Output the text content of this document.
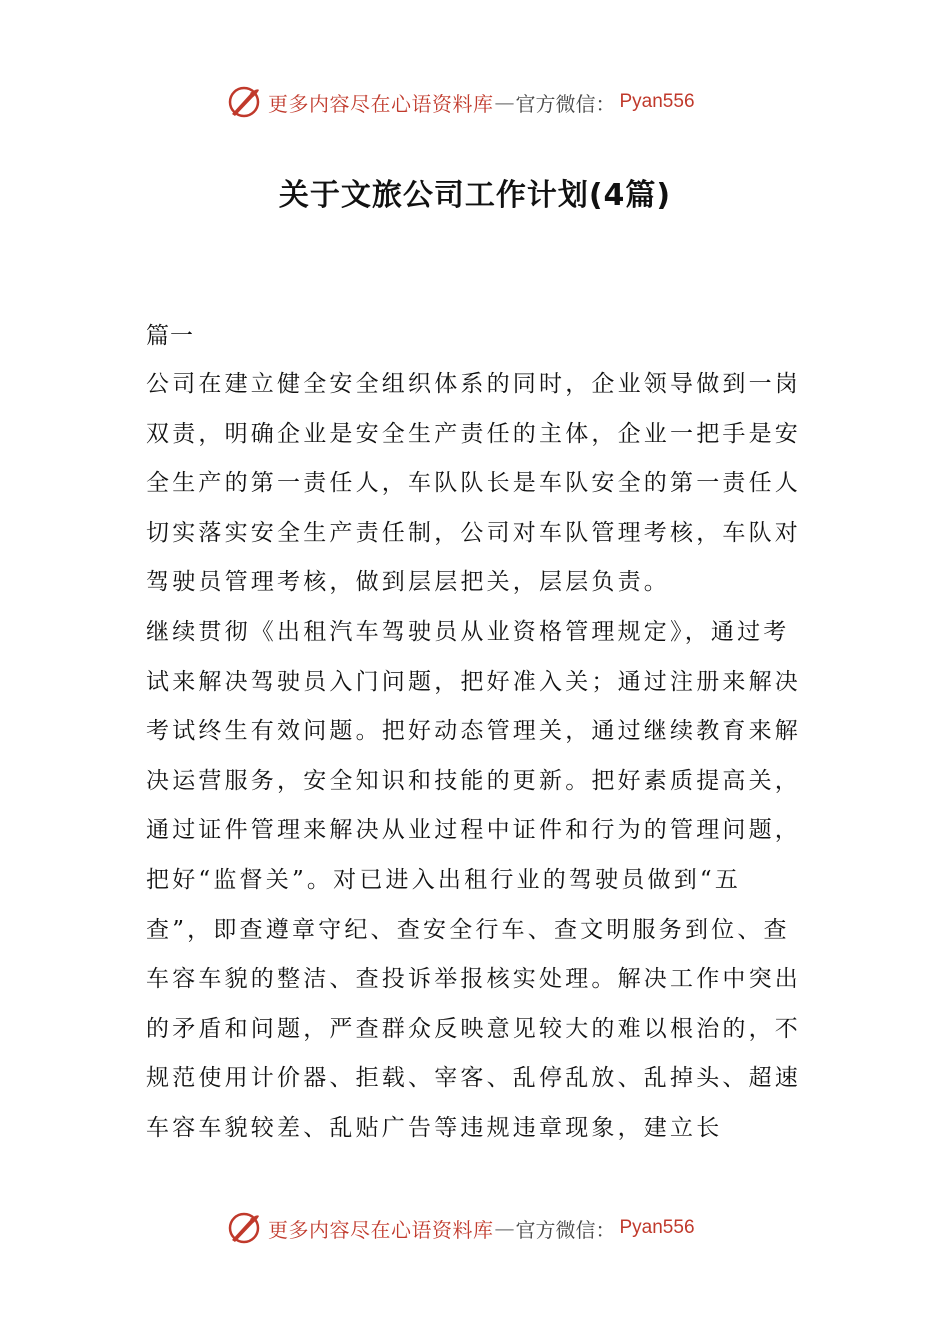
更多内容尽在心语资料库 — 官方微信： Pyan556
关于文旅公司工作计划(4篇)
篇一
公司在建立健全安全组织体系的同时，企业领导做到一岗
双责，明确企业是安全生产责任的主体，企业一把手是安
全生产的第一责任人，车队队长是车队安全的第一责任人
切实落实安全生产责任制，公司对车队管理考核，车队对
驾驶员管理考核，做到层层把关，层层负责。
继续贯彻《出租汽车驾驶员从业资格管理规定》，通过考
试来解决驾驶员入门问题，把好准入关；通过注册来解决
考试终生有效问题。把好动态管理关，通过继续教育来解
决运营服务，安全知识和技能的更新。把好素质提高关，
通过证件管理来解决从业过程中证件和行为的管理问题，
把好“监督关”。对已进入出租行业的驾驶员做到“五
查”，即查遵章守纪、查安全行车、查文明服务到位、查
车容车貌的整洁、查投诉举报核实处理。解决工作中突出
的矛盾和问题，严查群众反映意见较大的难以根治的，不
规范使用计价器、拒载、宰客、乱停乱放、乱掉头、超速
车容车貌较差、乱贴广告等违规违章现象，建立长
更多内容尽在心语资料库 — 官方微信： Pyan556
